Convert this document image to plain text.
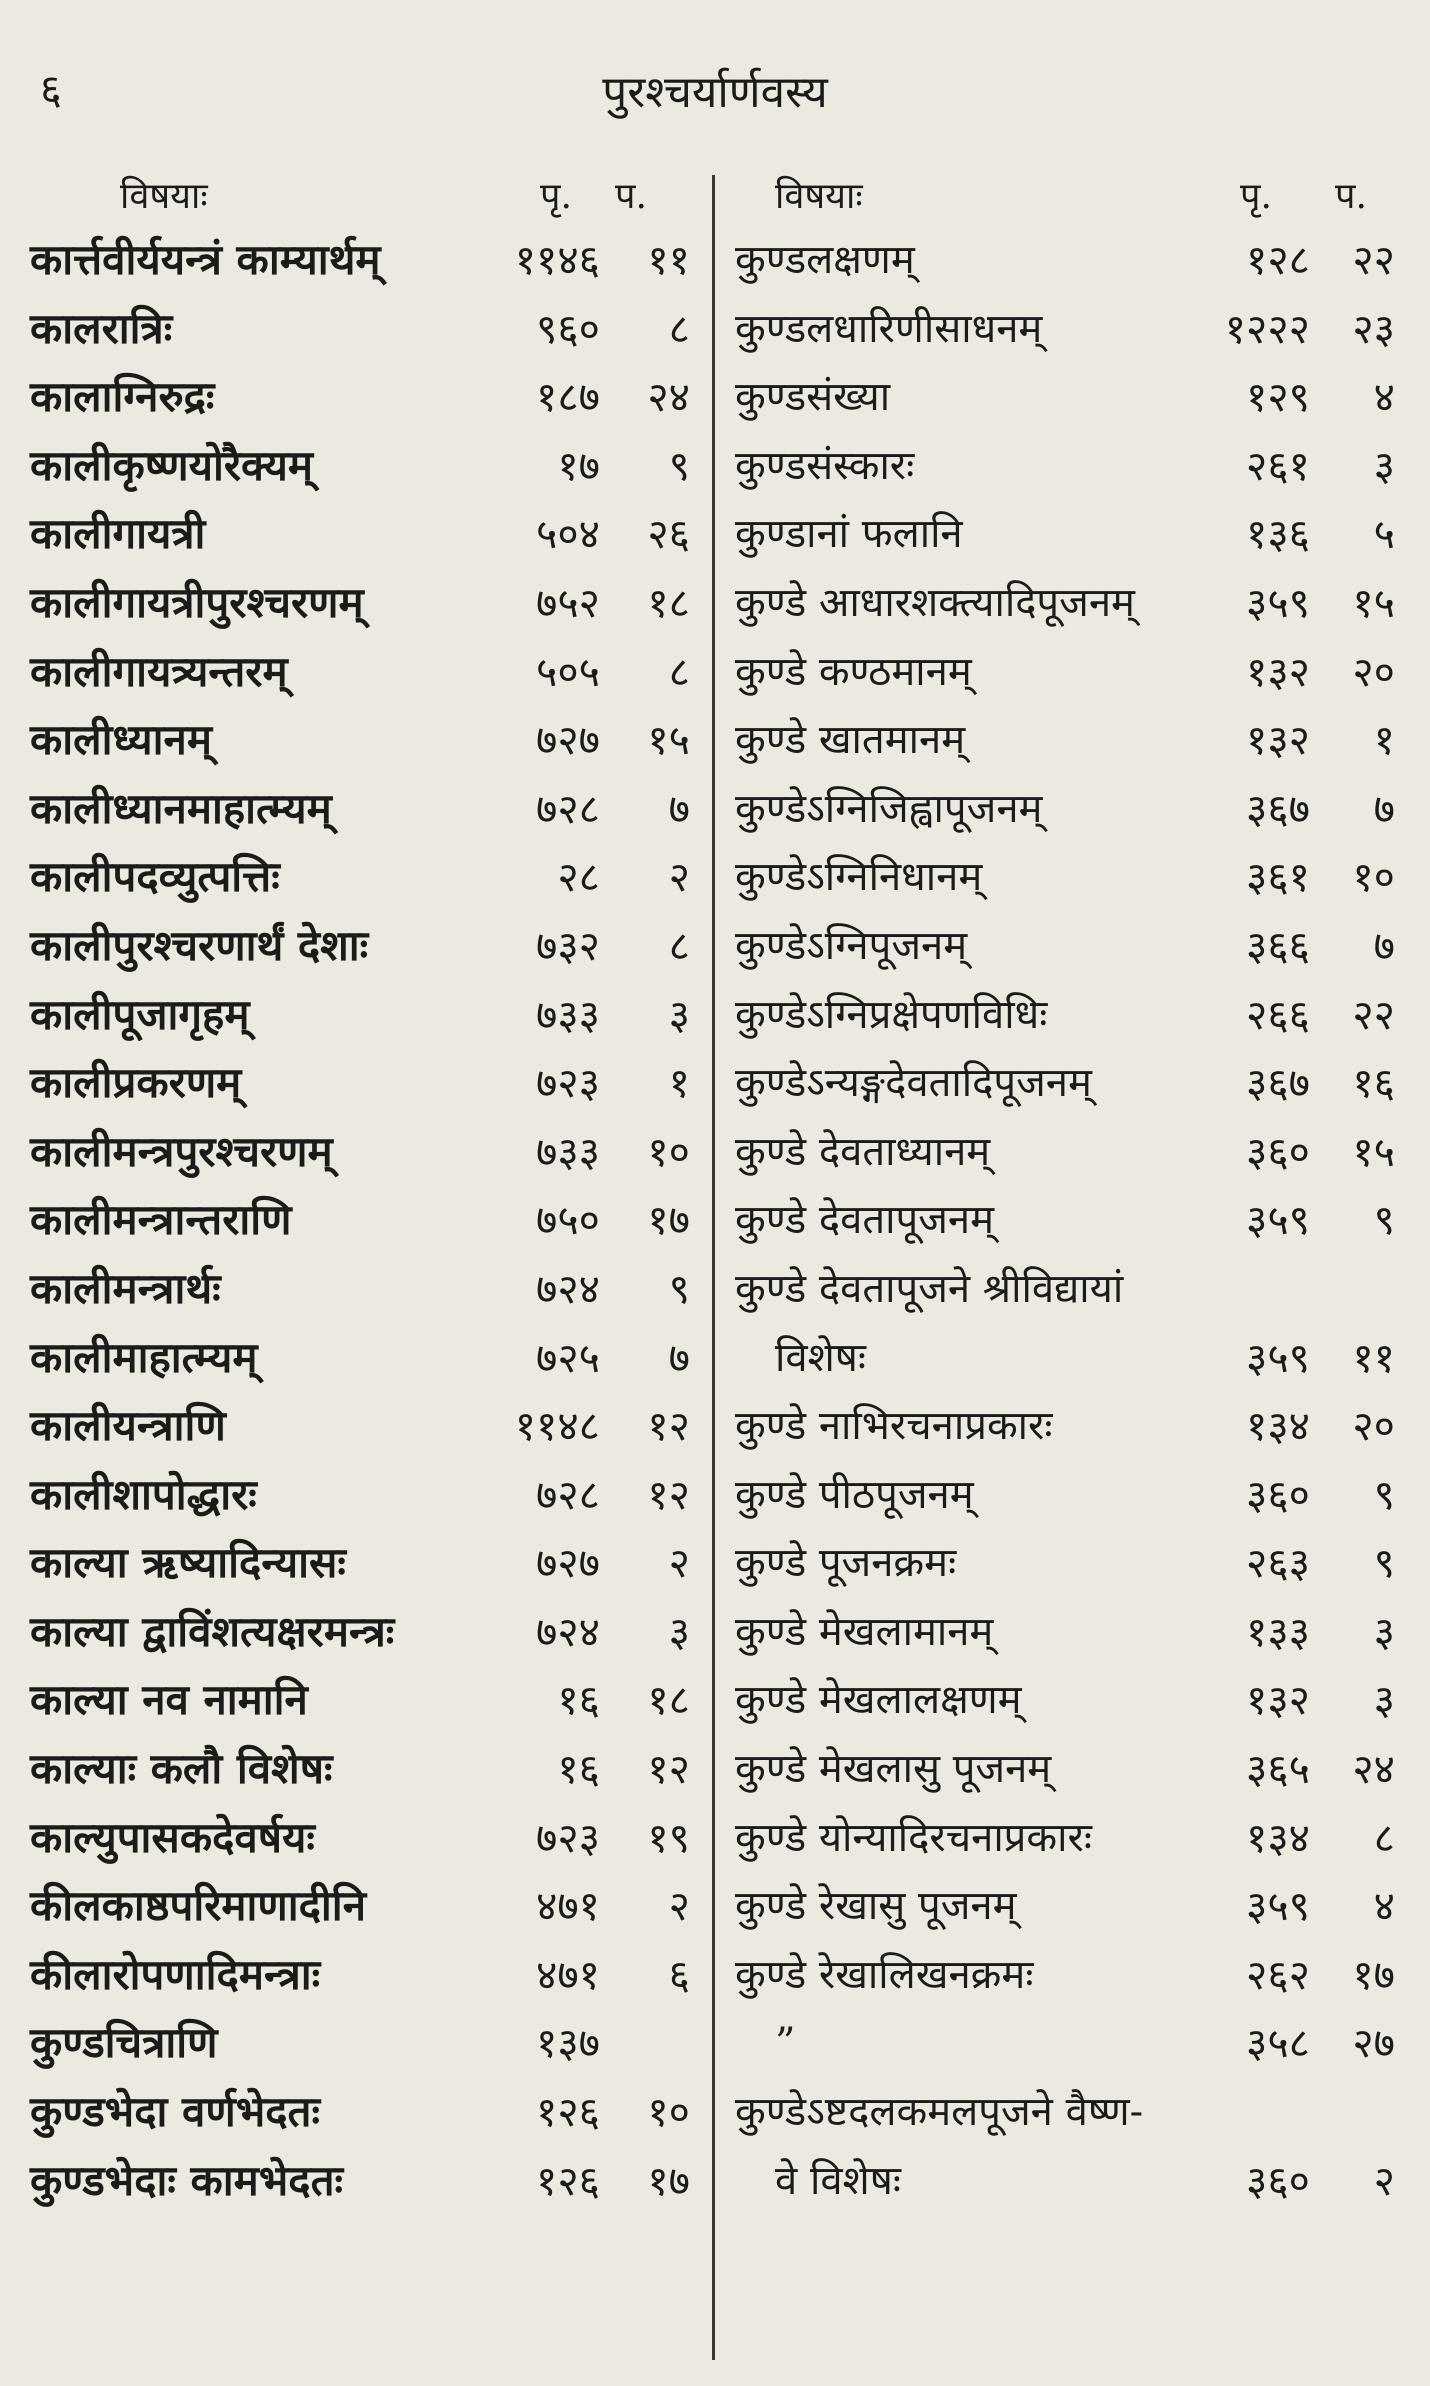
६	पुरश्चर्यार्णवस्य
विषयाः	पृ. प.
कार्त्तवीर्ययन्त्रं काम्यार्थम्	११४६	११
कालरात्रिः	९६०	८
कालाग्निरुद्रः	१८७	२४
कालीकृष्णयोरैक्यम्	१७	९
कालीगायत्री	५०४	२६
कालीगायत्रीपुरश्चरणम्	७५२	१८
कालीगायत्र्यन्तरम्	५०५	८
कालीध्यानम्	७२७	१५
कालीध्यानमाहात्म्यम्	७२८	७
कालीपदव्युत्पत्तिः	२८	२
कालीपुरश्चरणार्थं देशाः	७३२	८
कालीपूजागृहम्	७३३	३
कालीप्रकरणम्	७२३	१
कालीमन्त्रपुरश्चरणम्	७३३	१०
कालीमन्त्रान्तराणि	७५०	१७
कालीमन्त्रार्थः	७२४	९
कालीमाहात्म्यम्	७२५	७
कालीयन्त्राणि	११४८	१२
कालीशापोद्धारः	७२८	१२
काल्या ऋष्यादिन्यासः	७२७	२
काल्या द्वाविंशत्यक्षरमन्त्रः	७२४	३
काल्या नव नामानि	१६	१८
काल्याः कलौ विशेषः	१६	१२
काल्युपासकदेवर्षयः	७२३	१९
कीलकाष्ठपरिमाणादीनि	४७१	२
कीलारोपणादिमन्त्राः	४७१	६
कुण्डचित्राणि	१३७
कुण्डभेदा वर्णभेदतः	१२६	१०
कुण्डभेदाः कामभेदतः	१२६	१७
विषयाः	पृ. प.
कुण्डलक्षणम्	१२८	२२
कुण्डलधारिणीसाधनम्	१२२२	२३
कुण्डसंख्या	१२९	४
कुण्डसंस्कारः	२६१	३
कुण्डानां फलानि	१३६	५
कुण्डे आधारशक्त्यादिपूजनम्	३५९	१५
कुण्डे कण्ठमानम्	१३२	२०
कुण्डे खातमानम्	१३२	१
कुण्डेऽग्निजिह्वापूजनम्	३६७	७
कुण्डेऽग्निनिधानम्	३६१	१०
कुण्डेऽग्निपूजनम्	३६६	७
कुण्डेऽग्निप्रक्षेपणविधिः	२६६	२२
कुण्डेऽन्यङ्गदेवतादिपूजनम्	३६७	१६
कुण्डे देवताध्यानम्	३६०	१५
कुण्डे देवतापूजनम्	३५९	९
कुण्डे देवतापूजने श्रीविद्यायां
विशेषः	३५९	११
कुण्डे नाभिरचनाप्रकारः	१३४	२०
कुण्डे पीठपूजनम्	३६०	९
कुण्डे पूजनक्रमः	२६३	९
कुण्डे मेखलामानम्	१३३	३
कुण्डे मेखलालक्षणम्	१३२	३
कुण्डे मेखलासु पूजनम्	३६५	२४
कुण्डे योन्यादिरचनाप्रकारः	१३४	८
कुण्डे रेखासु पूजनम्	३५९	४
कुण्डे रेखालिखनक्रमः	२६२	१७
”	३५८	२७
कुण्डेऽष्टदलकमलपूजने वैष्ण-
वे विशेषः	३६०	२
